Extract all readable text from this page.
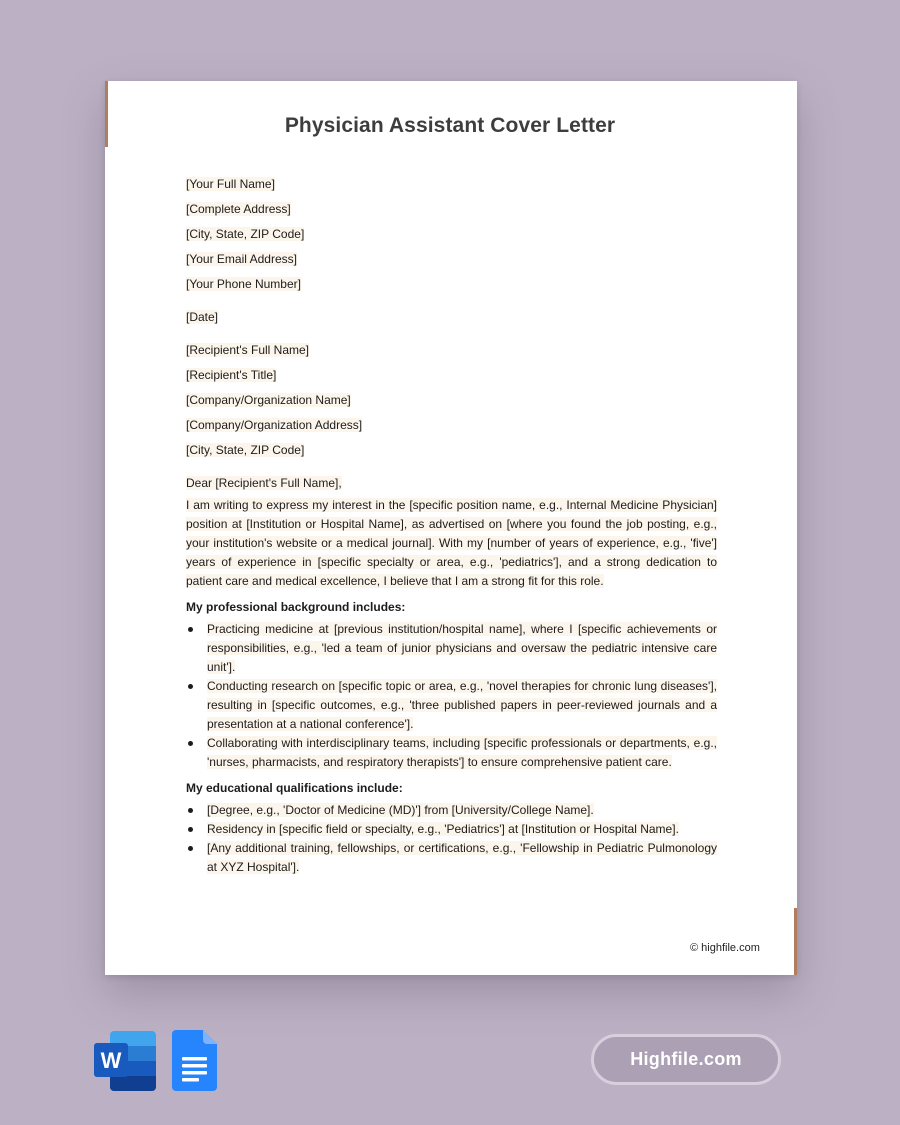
Physician Assistant Cover Letter
[Your Full Name]
[Complete Address]
[City, State, ZIP Code]
[Your Email Address]
[Your Phone Number]
[Date]
[Recipient's Full Name]
[Recipient's Title]
[Company/Organization Name]
[Company/Organization Address]
[City, State, ZIP Code]
Dear [Recipient's Full Name],

I am writing to express my interest in the [specific position name, e.g., Internal Medicine Physician] position at [Institution or Hospital Name], as advertised on [where you found the job posting, e.g., your institution's website or a medical journal]. With my [number of years of experience, e.g., 'five'] years of experience in [specific specialty or area, e.g., 'pediatrics'], and a strong dedication to patient care and medical excellence, I believe that I am a strong fit for this role.

My professional background includes:
Practicing medicine at [previous institution/hospital name], where I [specific achievements or responsibilities, e.g., 'led a team of junior physicians and oversaw the pediatric intensive care unit'].
Conducting research on [specific topic or area, e.g., 'novel therapies for chronic lung diseases'], resulting in [specific outcomes, e.g., 'three published papers in peer-reviewed journals and a presentation at a national conference'].
Collaborating with interdisciplinary teams, including [specific professionals or departments, e.g., 'nurses, pharmacists, and respiratory therapists'] to ensure comprehensive patient care.
My educational qualifications include:
[Degree, e.g., 'Doctor of Medicine (MD)'] from [University/College Name].
Residency in [specific field or specialty, e.g., 'Pediatrics'] at [Institution or Hospital Name].
[Any additional training, fellowships, or certifications, e.g., 'Fellowship in Pediatric Pulmonology at XYZ Hospital'].
© highfile.com
W	Highfile.com
